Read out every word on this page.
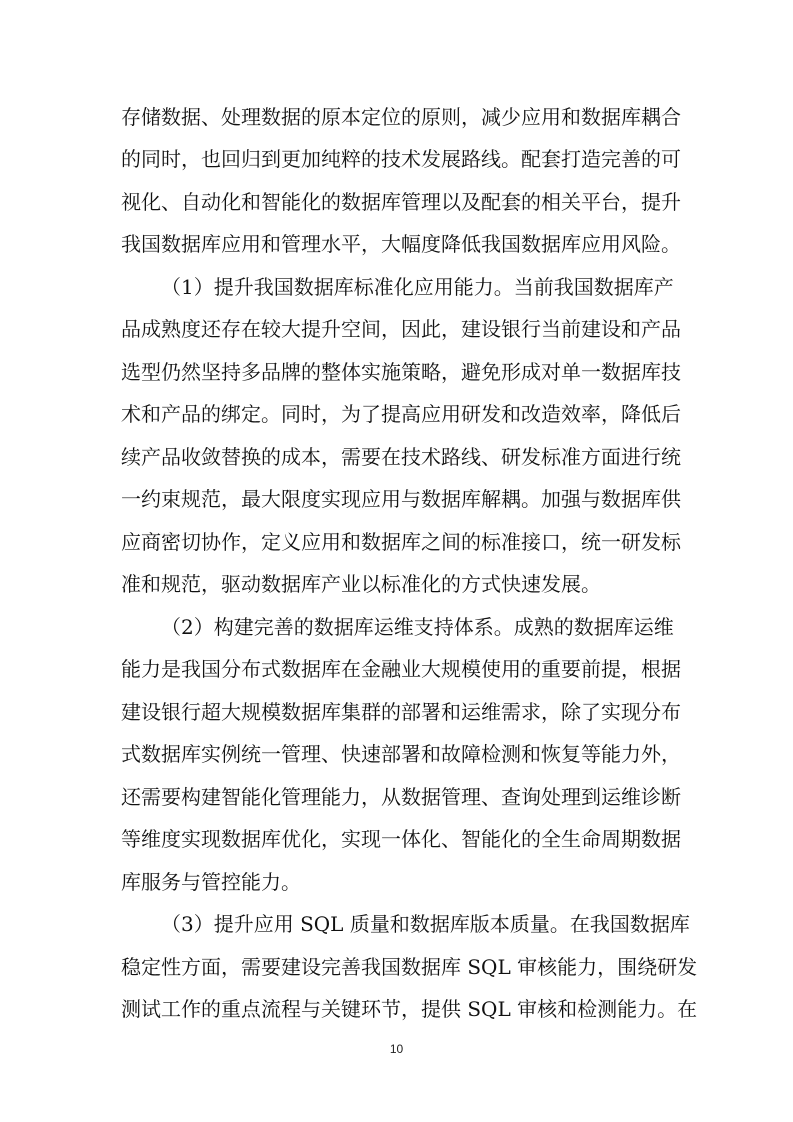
存储数据、处理数据的原本定位的原则，减少应用和数据库耦合
的同时，也回归到更加纯粹的技术发展路线。配套打造完善的可
视化、自动化和智能化的数据库管理以及配套的相关平台，提升
我国数据库应用和管理水平，大幅度降低我国数据库应用风险。
（1）提升我国数据库标准化应用能力。当前我国数据库产
品成熟度还存在较大提升空间，因此，建设银行当前建设和产品
选型仍然坚持多品牌的整体实施策略，避免形成对单一数据库技
术和产品的绑定。同时，为了提高应用研发和改造效率，降低后
续产品收敛替换的成本，需要在技术路线、研发标准方面进行统
一约束规范，最大限度实现应用与数据库解耦。加强与数据库供
应商密切协作，定义应用和数据库之间的标准接口，统一研发标
准和规范，驱动数据库产业以标准化的方式快速发展。
（2）构建完善的数据库运维支持体系。成熟的数据库运维
能力是我国分布式数据库在金融业大规模使用的重要前提，根据
建设银行超大规模数据库集群的部署和运维需求，除了实现分布
式数据库实例统一管理、快速部署和故障检测和恢复等能力外，
还需要构建智能化管理能力，从数据管理、查询处理到运维诊断
等维度实现数据库优化，实现一体化、智能化的全生命周期数据
库服务与管控能力。
（3）提升应用 SQL 质量和数据库版本质量。在我国数据库
稳定性方面，需要建设完善我国数据库 SQL 审核能力，围绕研发
测试工作的重点流程与关键环节，提供 SQL 审核和检测能力。在
10
